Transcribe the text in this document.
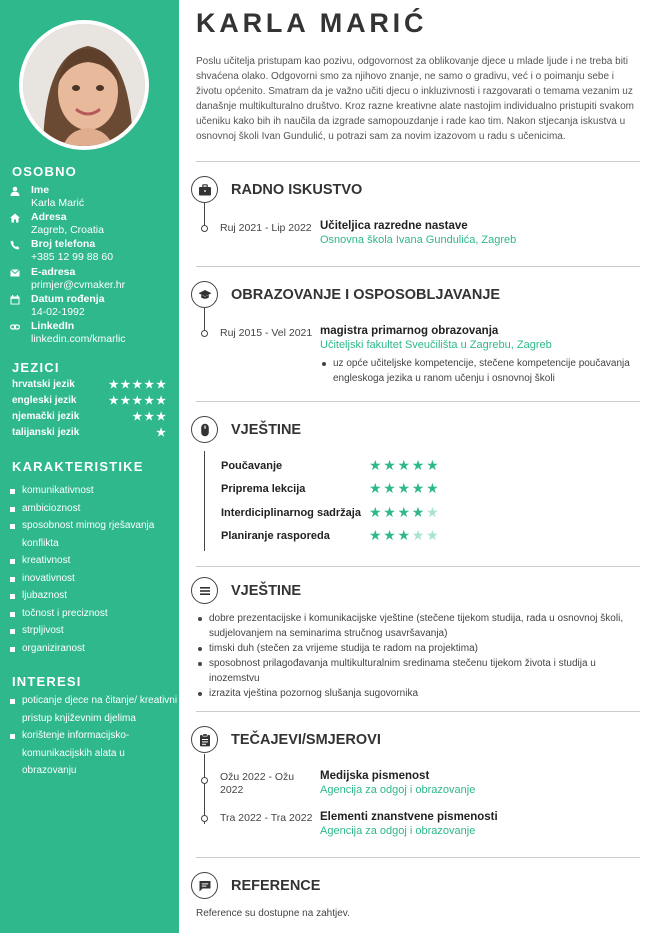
OSOBNO
Ime
Karla Marić
Adresa
Zagreb, Croatia
Broj telefona
+385 12 99 88 60
E-adresa
primjer@cvmaker.hr
Datum rođenja
14-02-1992
LinkedIn
linkedin.com/kmarlic
JEZICI
hrvatski jezik	★★★★★
engleski jezik	★★★★★
njemački jezik	★★★
talijanski jezik	★
KARAKTERISTIKE
komunikativnost
ambicioznost
sposobnost mimog rješavanja konflikta
kreativnost
inovativnost
ljubaznost
točnost i preciznost
strpljivost
organiziranost
INTERESI
poticanje djece na čitanje/ kreativni pristup književnim djelima
korištenje informacijsko-komunikacijskih alata u obrazovanju
KARLA MARIĆ
Poslu učitelja pristupam kao pozivu, odgovornost za oblikovanje djece u mlade ljude i ne treba biti shvaćena olako. Odgovorni smo za njihovo znanje, ne samo o gradivu, već i o poimanju sebe i životu općenito. Smatram da je važno učiti djecu o inkluzivnosti i razgovarati o temama vezanim uz današnje multikulturalno društvo. Kroz razne kreativne alate nastojim individualno pristupiti svakom učeniku kako bih ih naučila da izgrade samopouzdanje i rade kao tim. Nakon stjecanja iskustva u osnovnoj školi Ivan Gundulić, u potrazi sam za novim izazovom u radu s učenicima.
RADNO ISKUSTVO
Ruj 2021 - Lip 2022 Učiteljica razredne nastave
Osnovna škola Ivana Gundulića, Zagreb
OBRAZOVANJE I OSPOSOBLJAVANJE
Ruj 2015 - Vel 2021 magistra primarnog obrazovanja
Učiteljski fakultet Sveučilišta u Zagrebu, Zagreb
uz opće učiteljske kompetencije, stečene kompetencije poučavanja engleskoga jezika u ranom učenju i osnovnoj školi
VJEŠTINE
Poučavanje	★★★★★
Priprema lekcija	★★★★★
Interdiciplinarnog sadržaja ★★★★★
Planiranje rasporeda	★★★★★
VJEŠTINE
dobre prezentacijske i komunikacijske vještine (stečene tijekom studija, rada u osnovnoj školi, sudjelovanjem na seminarima stručnog usavršavanja)
timski duh (stečen za vrijeme studija te radom na projektima)
sposobnost prilagođavanja multikulturalnim sredinama stečenu tijekom života i studija u inozemstvu
izrazita vještina pozornog slušanja sugovornika
TEČAJEVI/SMJEROVI
Ožu 2022 - Ožu 2022
Medijska pismenost
Agencija za odgoj i obrazovanje
Tra 2022 - Tra 2022 Elementi znanstvene pismenosti
Agencija za odgoj i obrazovanje
REFERENCE
Reference su dostupne na zahtjev.
